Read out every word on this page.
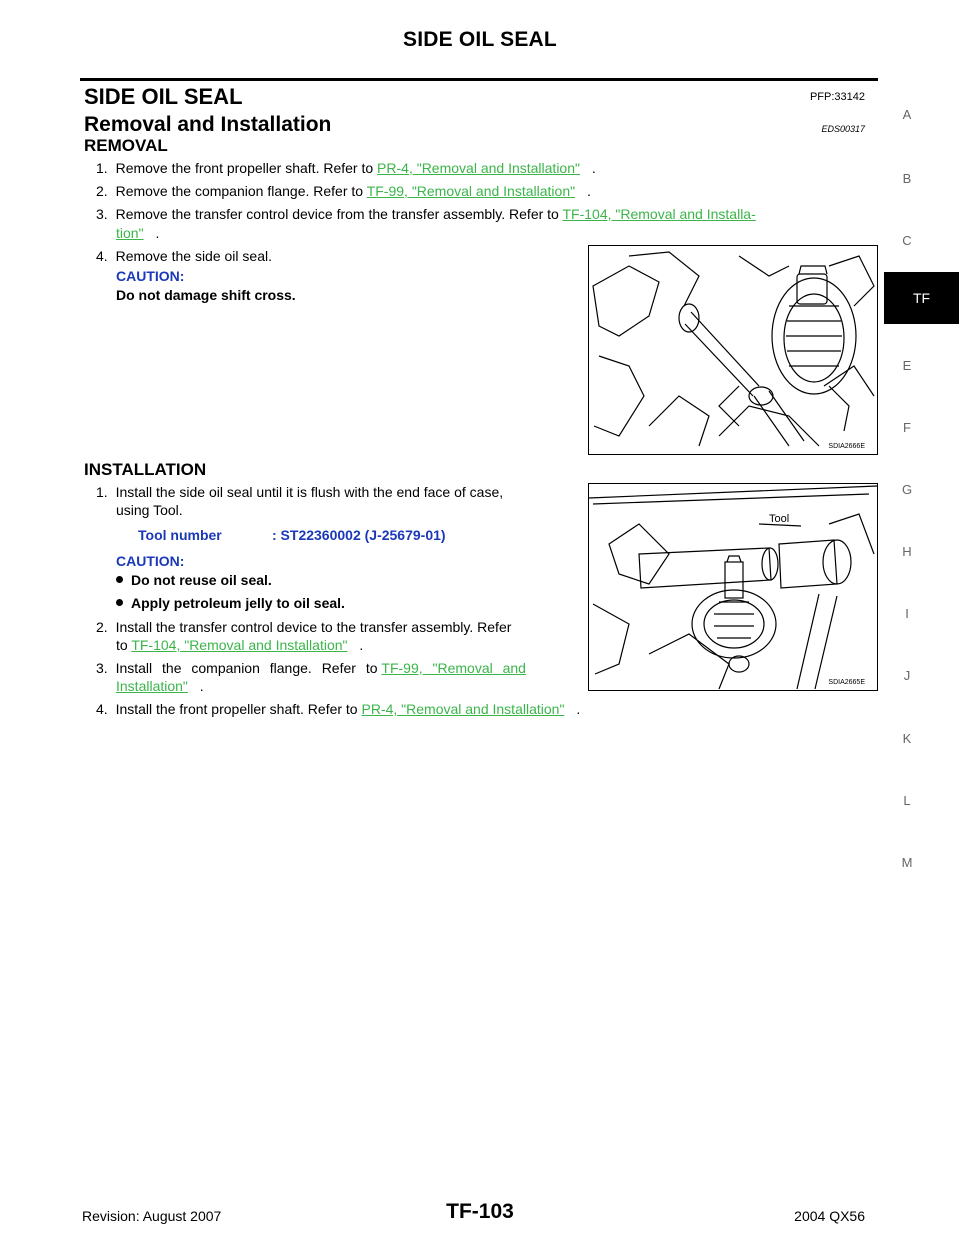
SIDE OIL SEAL
SIDE OIL SEAL	PFP:33142
Removal and Installation	EDS00317
REMOVAL
1. Remove the front propeller shaft. Refer to PR-4, "Removal and Installation" .
2. Remove the companion flange. Refer to TF-99, "Removal and Installation" .
3. Remove the transfer control device from the transfer assembly. Refer to TF-104, "Removal and Installa-
tion" .
4. Remove the side oil seal.
CAUTION:
Do not damage shift cross.
SDIA2666E
INSTALLATION
1. Install the side oil seal until it is flush with the end face of case,
using Tool.
Tool number	: ST22360002 (J-25679-01)
CAUTION:
Do not reuse oil seal.
Apply petroleum jelly to oil seal.
2. Install the transfer control device to the transfer assembly. Refer
to TF-104, "Removal and Installation" .
3. Install the companion flange. Refer to TF-99, "Removal and
Installation" .
4. Install the front propeller shaft. Refer to PR-4, "Removal and Installation" .
Tool
SDIA2665E
A
B
C
TF
E
F
G
H
I
J
K
L
M
Revision: August 2007	TF-103	2004 QX56
